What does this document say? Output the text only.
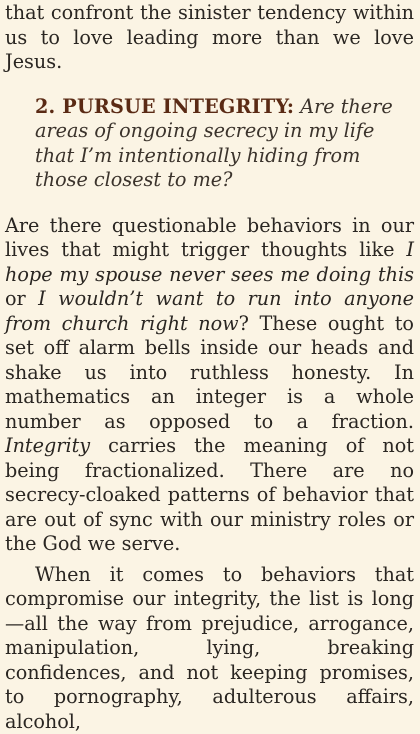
that confront the sinister tendency within us to love leading more than we love Jesus.

2. PURSUE INTEGRITY: Are there areas of ongoing secrecy in my life that I’m intentionally hiding from those closest to me?

Are there questionable behaviors in our lives that might trigger thoughts like I hope my spouse never sees me doing this or I wouldn’t want to run into anyone from church right now? These ought to set off alarm bells inside our heads and shake us into ruthless honesty. In mathematics an integer is a whole number as opposed to a fraction. Integrity carries the meaning of not being fractionalized. There are no secrecy-cloaked patterns of behavior that are out of sync with our ministry roles or the God we serve.

When it comes to behaviors that compromise our integrity, the list is long—all the way from prejudice, arrogance, manipulation, lying, breaking confidences, and not keeping promises, to pornography, adulterous affairs, alcohol,
